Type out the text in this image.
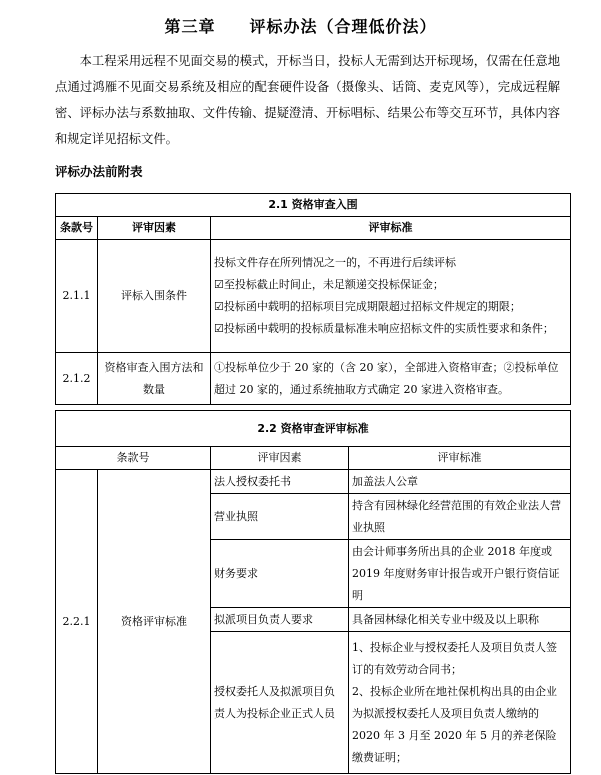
第三章　　评标办法（合理低价法）
本工程采用远程不见面交易的模式，开标当日，投标人无需到达开标现场，仅需在任意地点通过鸿雁不见面交易系统及相应的配套硬件设备（摄像头、话筒、麦克风等），完成远程解密、评标办法与系数抽取、文件传输、提疑澄清、开标唱标、结果公布等交互环节，具体内容和规定详见招标文件。
评标办法前附表
2.1 资格审查入围		
条款号	评审因素	评审标准
2.1.1	评标入围条件	投标文件存在所列情况之一的，不再进行后续评标
☑至投标截止时间止，未足额递交投标保证金；
☑投标函中载明的招标项目完成期限超过招标文件规定的期限；
☑投标函中载明的投标质量标准未响应招标文件的实质性要求和条件；

2.1.2	资格审查入围方法和数量	①投标单位少于 20 家的（含 20 家），全部进入资格审查；②投标单位超过 20 家的，通过系统抽取方式确定 20 家进入资格审查。
2.2 资格审查评审标准			
条款号		评审因素	评审标准
2.2.1	资格评审标准	法人授权委托书	加盖法人公章
		营业执照	持含有园林绿化经营范围的有效企业法人营业执照
		财务要求	由会计师事务所出具的企业 2018 年度或 2019 年度财务审计报告或开户银行资信证明
		拟派项目负责人要求	具备园林绿化相关专业中级及以上职称
		授权委托人及拟派项目负责人为投标企业正式人员	1、投标企业与授权委托人及项目负责人签订的有效劳动合同书；
2、投标企业所在地社保机构出具的由企业为拟派授权委托人及项目负责人缴纳的 2020 年 3 月至 2020 年 5 月的养老保险缴费证明；
